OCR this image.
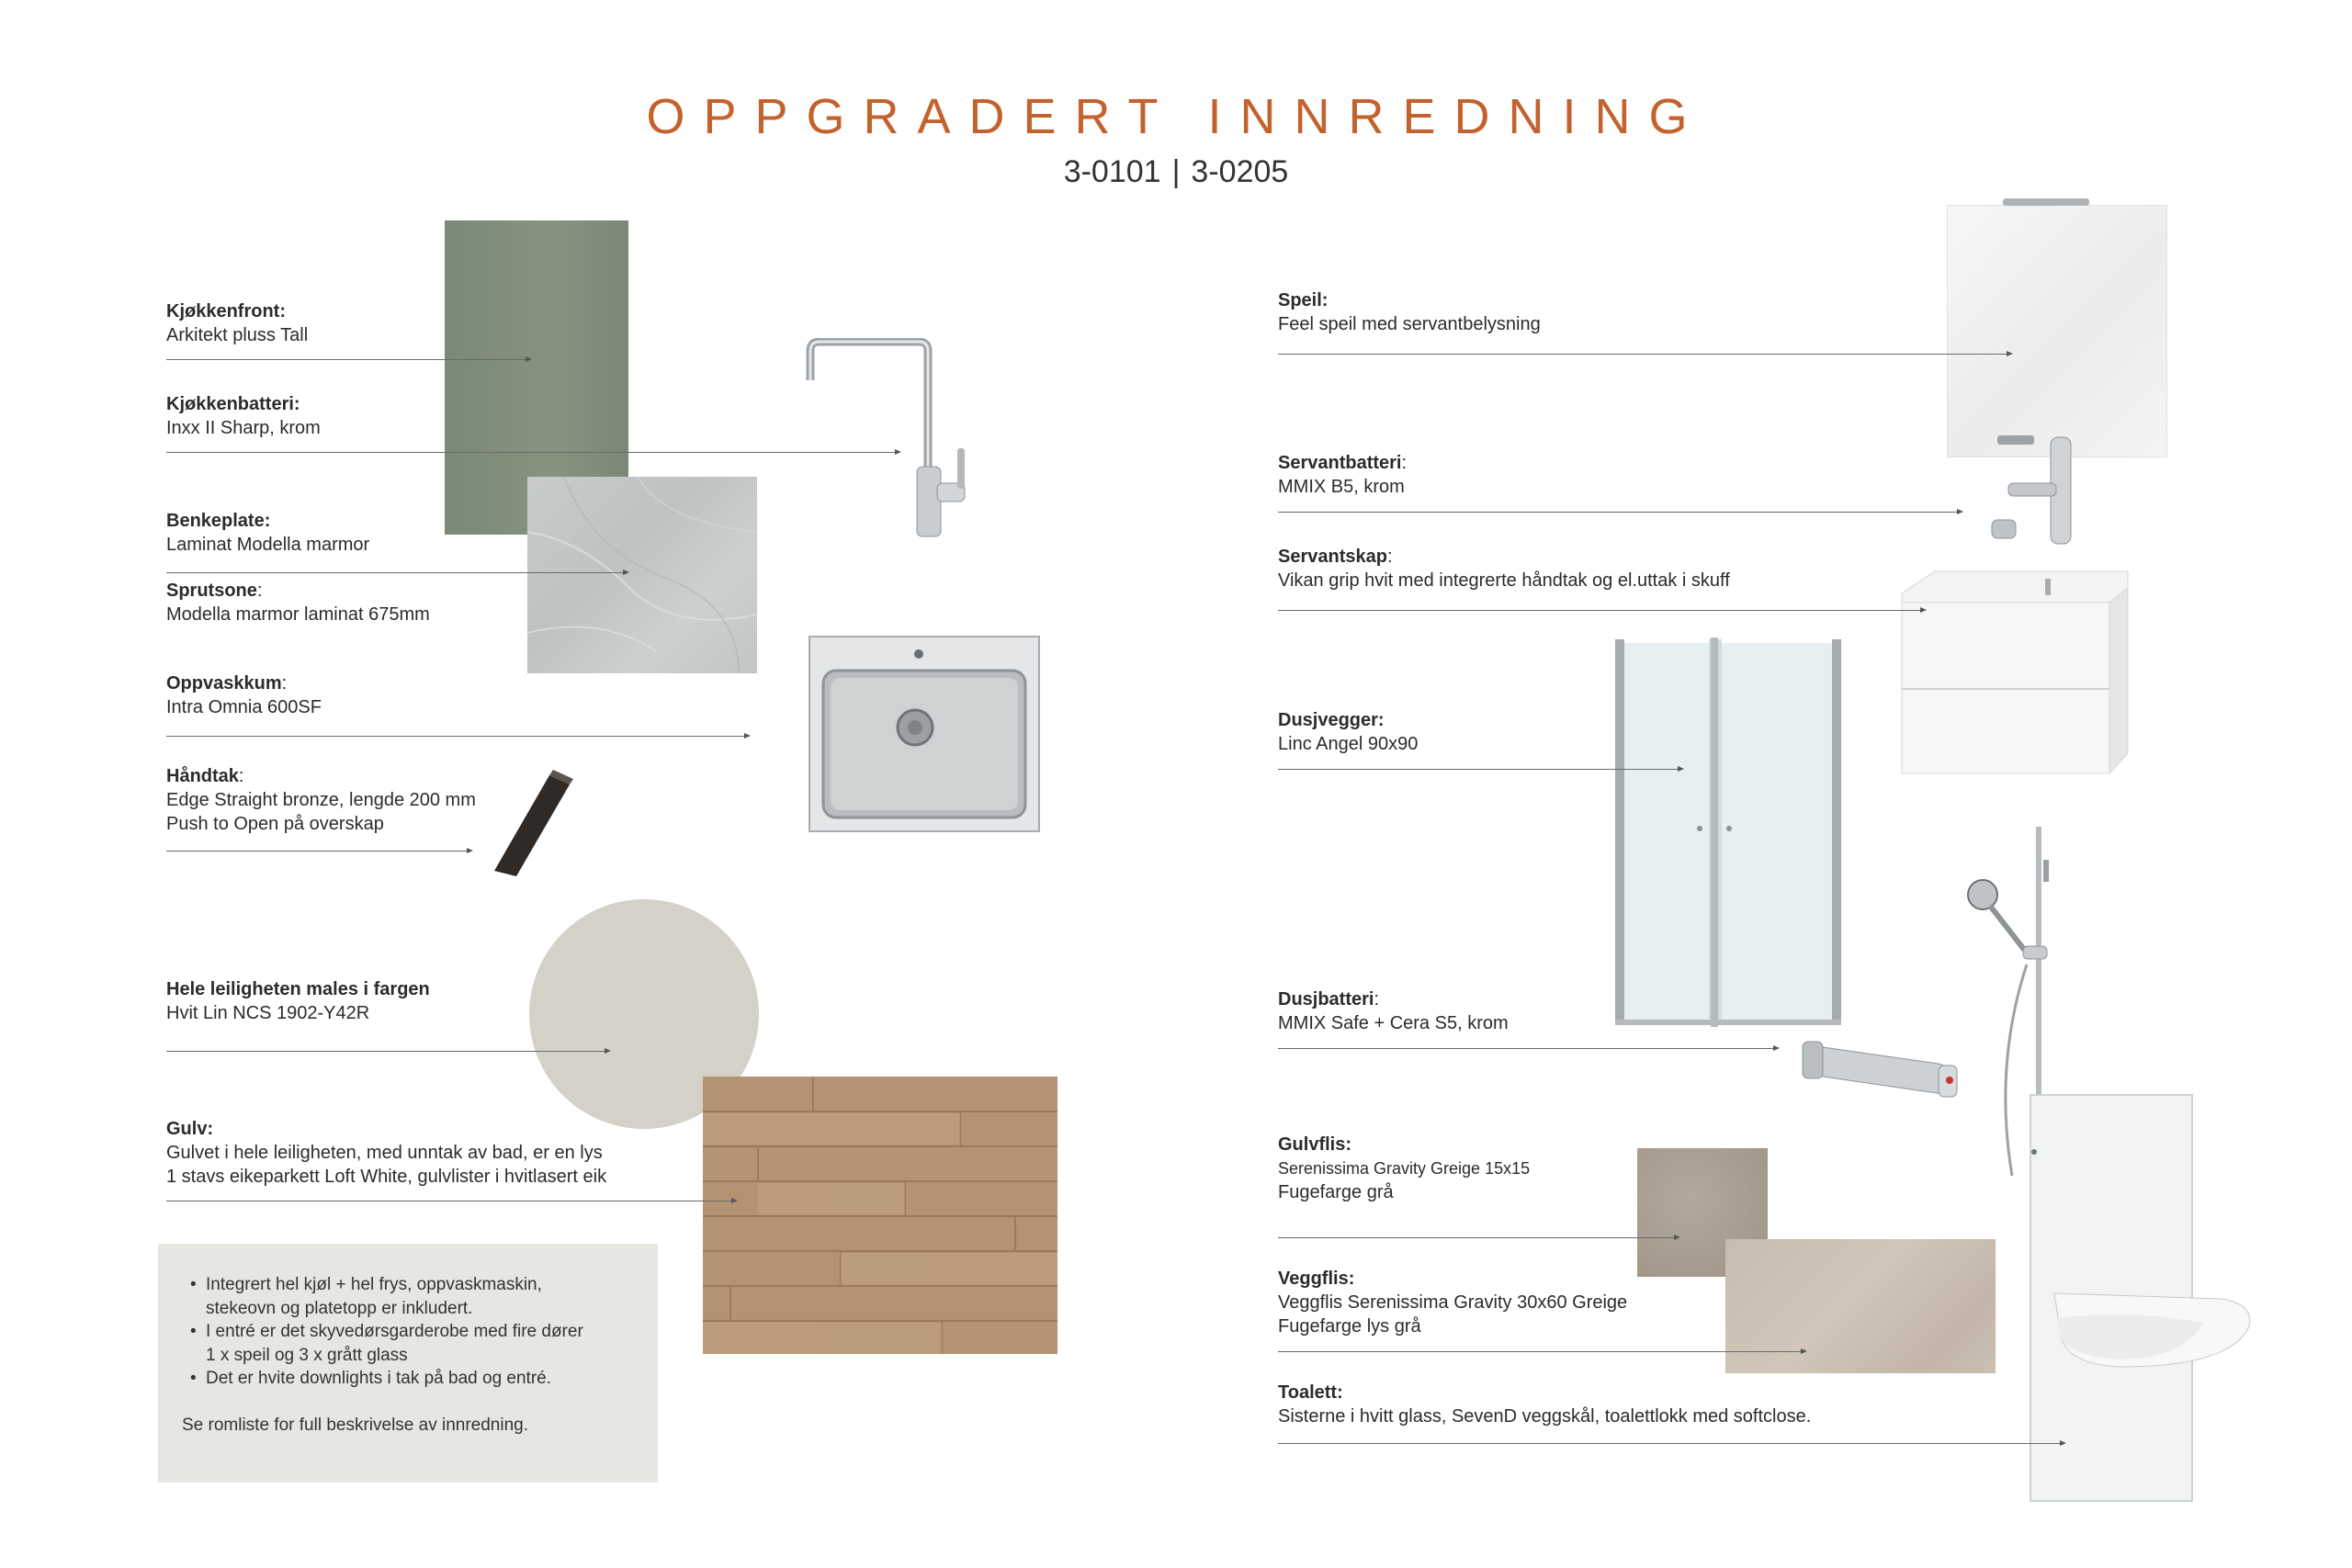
OPPGRADERT INNREDNING
3-0101 | 3-0205
• Integrert hel kjøl + hel frys, oppvaskmaskin,
stekeovn og platetopp er inkludert.
• I entré er det skyvedørsgarderobe med fire dører
1 x speil og 3 x grått glass
• Det er hvite downlights i tak på bad og entré.
Se romliste for full beskrivelse av innredning.
Kjøkkenfront:
Arkitekt pluss Tall
Kjøkkenbatteri:
Inxx II Sharp, krom
Benkeplate:
Laminat Modella marmor
Sprutsone:
Modella marmor laminat 675mm
Oppvaskkum:
Intra Omnia 600SF
Håndtak:
Edge Straight bronze, lengde 200 mm
Push to Open på overskap
Hele leiligheten males i fargen
Hvit Lin NCS 1902-Y42R
Gulv:
Gulvet i hele leiligheten, med unntak av bad, er en lys
1 stavs eikeparkett Loft White, gulvlister i hvitlasert eik
Speil:
Feel speil med servantbelysning
Servantbatteri:
MMIX B5, krom
Servantskap:
Vikan grip hvit med integrerte håndtak og el.uttak i skuff
Dusjvegger:
Linc Angel 90x90
Dusjbatteri:
MMIX Safe + Cera S5, krom
Gulvflis:
Serenissima Gravity Greige 15x15
Fugefarge grå
Veggflis:
Veggflis Serenissima Gravity 30x60 Greige
Fugefarge lys grå
Toalett:
Sisterne i hvitt glass, SevenD veggskål, toalettlokk med softclose.
